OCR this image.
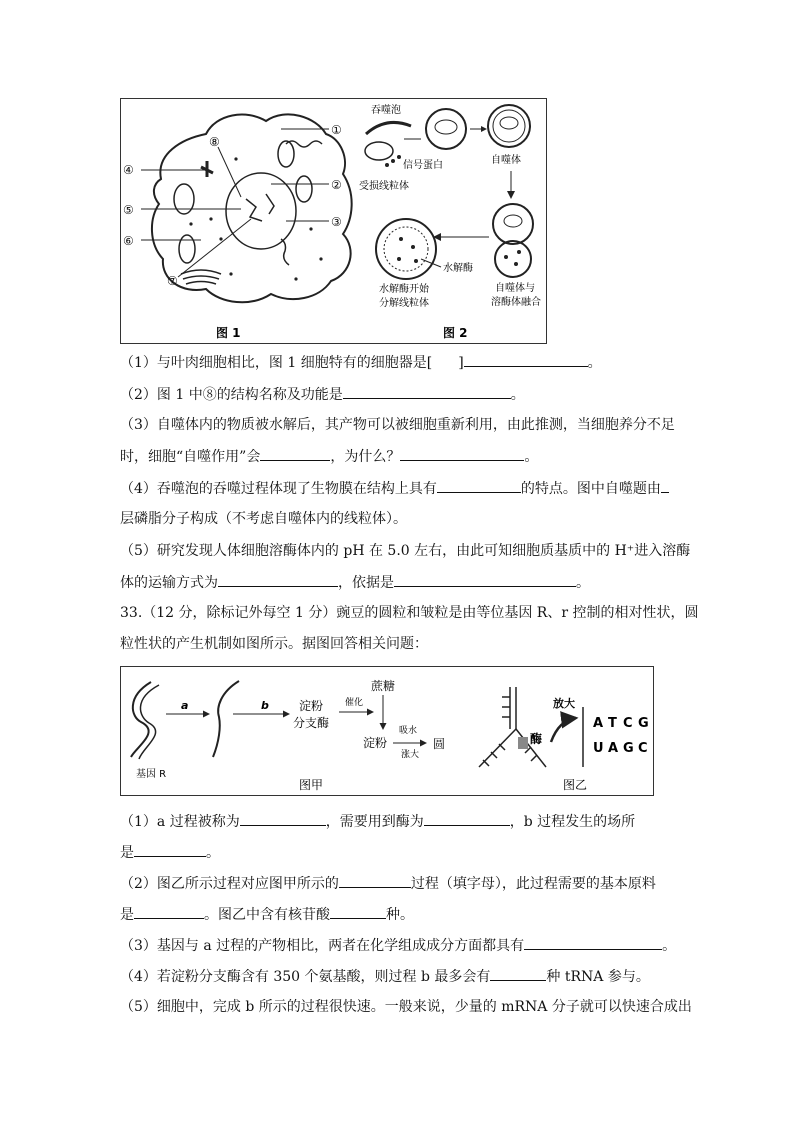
⑧
①
④
②
⑤
③
⑥
⑦
吞噬泡
信号蛋白
受损线粒体
自噬体
自噬体与
溶酶体融合
水解酶
水解酶开始
分解线粒体
图 1	图 2
（1）与叶肉细胞相比，图 1 细胞特有的细胞器是[ ]	。
（2）图 1 中⑧的结构名称及功能是	。
（3）自噬体内的物质被水解后，其产物可以被细胞重新利用，由此推测，当细胞养分不足
时，细胞“自噬作用”会	，为什么？	。
（4）吞噬泡的吞噬过程体现了生物膜在结构上具有	的特点。图中自噬题由
层磷脂分子构成（不考虑自噬体内的线粒体）。
（5）研究发现人体细胞溶酶体内的 pH 在 5.0 左右，由此可知细胞质基质中的 H⁺进入溶酶
体的运输方式为	，依据是	。
33.（12 分，除标记外每空 1 分）豌豆的圆粒和皱粒是由等位基因 R、r 控制的相对性状，圆
粒性状的产生机制如图所示。据图回答相关问题：
基因 R
a	b	淀粉
分支酶
催化
蔗糖
淀粉
吸水
涨大
圆
图甲
酶
放大
A T C G
U A G C
图乙
（1）a 过程被称为	，需要用到酶为	，b 过程发生的场所
是	。
（2）图乙所示过程对应图甲所示的	过程（填字母），此过程需要的基本原料
是	。图乙中含有核苷酸	种。
（3）基因与 a 过程的产物相比，两者在化学组成成分方面都具有	。
（4）若淀粉分支酶含有 350 个氨基酸，则过程 b 最多会有	种 tRNA 参与。
（5）细胞中，完成 b 所示的过程很快速。一般来说，少量的 mRNA 分子就可以快速合成出
